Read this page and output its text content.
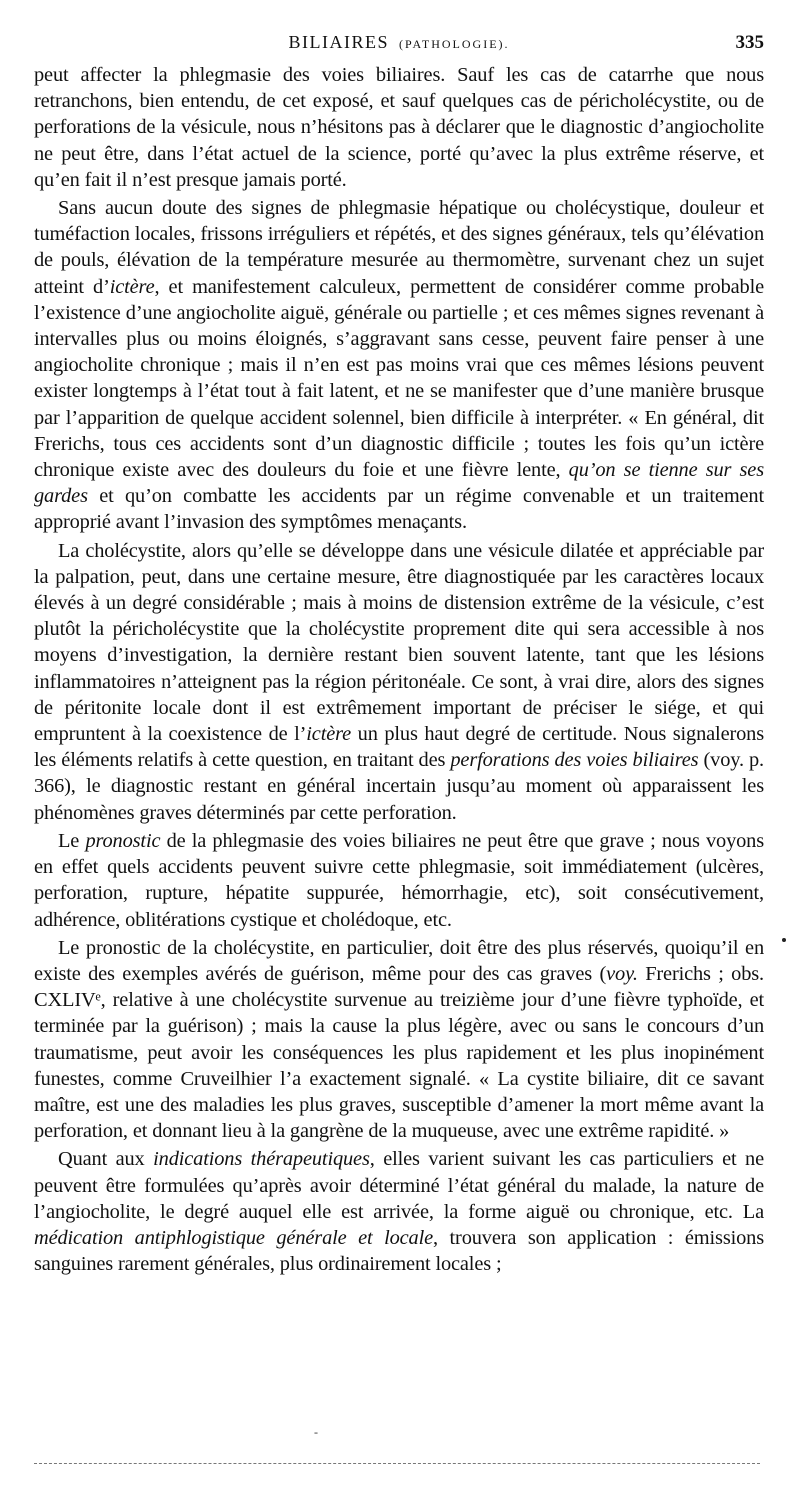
BILIAIRES (PATHOLOGIE).	335

peut affecter la phlegmasie des voies biliaires. Sauf les cas de catarrhe que nous retranchons, bien entendu, de cet exposé, et sauf quelques cas de péricholécystite, ou de perforations de la vésicule, nous n’hésitons pas à déclarer que le diagnostic d’angiocholite ne peut être, dans l’état actuel de la science, porté qu’avec la plus extrême réserve, et qu’en fait il n’est presque jamais porté.

Sans aucun doute des signes de phlegmasie hépatique ou cholécystique, douleur et tuméfaction locales, frissons irréguliers et répétés, et des signes généraux, tels qu’élévation de pouls, élévation de la température mesurée au thermomètre, survenant chez un sujet atteint d’ictère, et manifestement calculeux, permettent de considérer comme probable l’existence d’une angiocholite aiguë, générale ou partielle ; et ces mêmes signes revenant à intervalles plus ou moins éloignés, s’aggravant sans cesse, peuvent faire penser à une angiocholite chronique ; mais il n’en est pas moins vrai que ces mêmes lésions peuvent exister longtemps à l’état tout à fait latent, et ne se manifester que d’une manière brusque par l’apparition de quelque accident solennel, bien difficile à interpréter. « En général, dit Frerichs, tous ces accidents sont d’un diagnostic difficile ; toutes les fois qu’un ictère chronique existe avec des douleurs du foie et une fièvre lente, qu’on se tienne sur ses gardes et qu’on combatte les accidents par un régime convenable et un traitement approprié avant l’invasion des symptômes menaçants.

La cholécystite, alors qu’elle se développe dans une vésicule dilatée et appréciable par la palpation, peut, dans une certaine mesure, être diagnostiquée par les caractères locaux élevés à un degré considérable ; mais à moins de distension extrême de la vésicule, c’est plutôt la péricholécystite que la cholécystite proprement dite qui sera accessible à nos moyens d’investigation, la dernière restant bien souvent latente, tant que les lésions inflammatoires n’atteignent pas la région péritonéale. Ce sont, à vrai dire, alors des signes de péritonite locale dont il est extrêmement important de préciser le siége, et qui empruntent à la coexistence de l’ictère un plus haut degré de certitude. Nous signalerons les éléments relatifs à cette question, en traitant des perforations des voies biliaires (voy. p. 366), le diagnostic restant en général incertain jusqu’au moment où apparaissent les phénomènes graves déterminés par cette perforation.

Le pronostic de la phlegmasie des voies biliaires ne peut être que grave ; nous voyons en effet quels accidents peuvent suivre cette phlegmasie, soit immédiatement (ulcères, perforation, rupture, hépatite suppurée, hémorrhagie, etc), soit consécutivement, adhérence, oblitérations cystique et cholédoque, etc.

Le pronostic de la cholécystite, en particulier, doit être des plus réservés, quoiqu’il en existe des exemples avérés de guérison, même pour des cas graves (voy. Frerichs ; obs. CXLIVᵉ, relative à une cholécystite survenue au treizième jour d’une fièvre typhoïde, et terminée par la guérison) ; mais la cause la plus légère, avec ou sans le concours d’un traumatisme, peut avoir les conséquences les plus rapidement et les plus inopinément funestes, comme Cruveilhier l’a exactement signalé. « La cystite biliaire, dit ce savant maître, est une des maladies les plus graves, susceptible d’amener la mort même avant la perforation, et donnant lieu à la gangrène de la muqueuse, avec une extrême rapidité. »

Quant aux indications thérapeutiques, elles varient suivant les cas particuliers et ne peuvent être formulées qu’après avoir déterminé l’état général du malade, la nature de l’angiocholite, le degré auquel elle est arrivée, la forme aiguë ou chronique, etc. La médication antiphlogistique générale et locale, trouvera son application : émissions sanguines rarement générales, plus ordinairement locales ;

-
